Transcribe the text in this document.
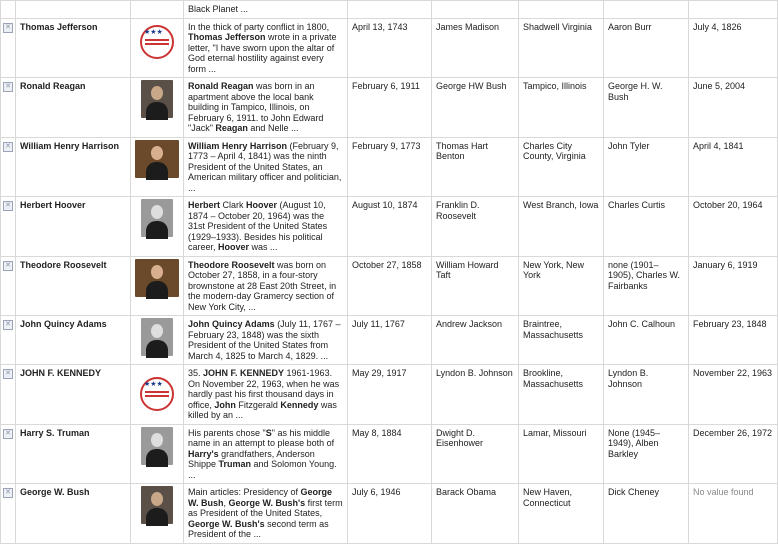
			Black Planet ...					

✕	Thomas Jefferson	★★★	In the thick of party conflict in 1800, Thomas Jefferson wrote in a private letter, "I have sworn upon the altar of God eternal hostility against every form ...	April 13, 1743	James Madison	Shadwell Virginia	Aaron Burr	July 4, 1826

✕	Ronald Reagan		Ronald Reagan was born in an apartment above the local bank building in Tampico, Illinois, on February 6, 1911. to John Edward "Jack" Reagan and Nelle ...	February 6, 1911	George HW Bush	Tampico, Illinois	George H. W. Bush	June 5, 2004

✕	William Henry Harrison		William Henry Harrison (February 9, 1773 – April 4, 1841) was the ninth President of the United States, an American military officer and politician, ...	February 9, 1773	Thomas Hart Benton	Charles City County, Virginia	John Tyler	April 4, 1841

✕	Herbert Hoover		Herbert Clark Hoover (August 10, 1874 – October 20, 1964) was the 31st President of the United States (1929–1933). Besides his political career, Hoover was ...	August 10, 1874	Franklin D. Roosevelt	West Branch, Iowa	Charles Curtis	October 20, 1964

✕	Theodore Roosevelt		Theodore Roosevelt was born on October 27, 1858, in a four-story brownstone at 28 East 20th Street, in the modern-day Gramercy section of New York City, ...	October 27, 1858	William Howard Taft	New York, New York	none (1901–1905), Charles W. Fairbanks	January 6, 1919

✕	John Quincy Adams		John Quincy Adams (July 11, 1767 – February 23, 1848) was the sixth President of the United States from March 4, 1825 to March 4, 1829. ...	July 11, 1767	Andrew Jackson	Braintree, Massachusetts	John C. Calhoun	February 23, 1848

✕	JOHN F. KENNEDY	★★★	35. JOHN F. KENNEDY 1961-1963. On November 22, 1963, when he was hardly past his first thousand days in office, John Fitzgerald Kennedy was killed by an ...	May 29, 1917	Lyndon B. Johnson	Brookline, Massachusetts	Lyndon B. Johnson	November 22, 1963

✕	Harry S. Truman		His parents chose "S" as his middle name in an attempt to please both of Harry's grandfathers, Anderson Shippe Truman and Solomon Young. ...	May 8, 1884	Dwight D. Eisenhower	Lamar, Missouri	None (1945–1949), Alben Barkley	December 26, 1972

✕	George W. Bush		Main articles: Presidency of George W. Bush, George W. Bush's first term as President of the United States, George W. Bush's second term as President of the ...	July 6, 1946	Barack Obama	New Haven, Connecticut	Dick Cheney	No value found
